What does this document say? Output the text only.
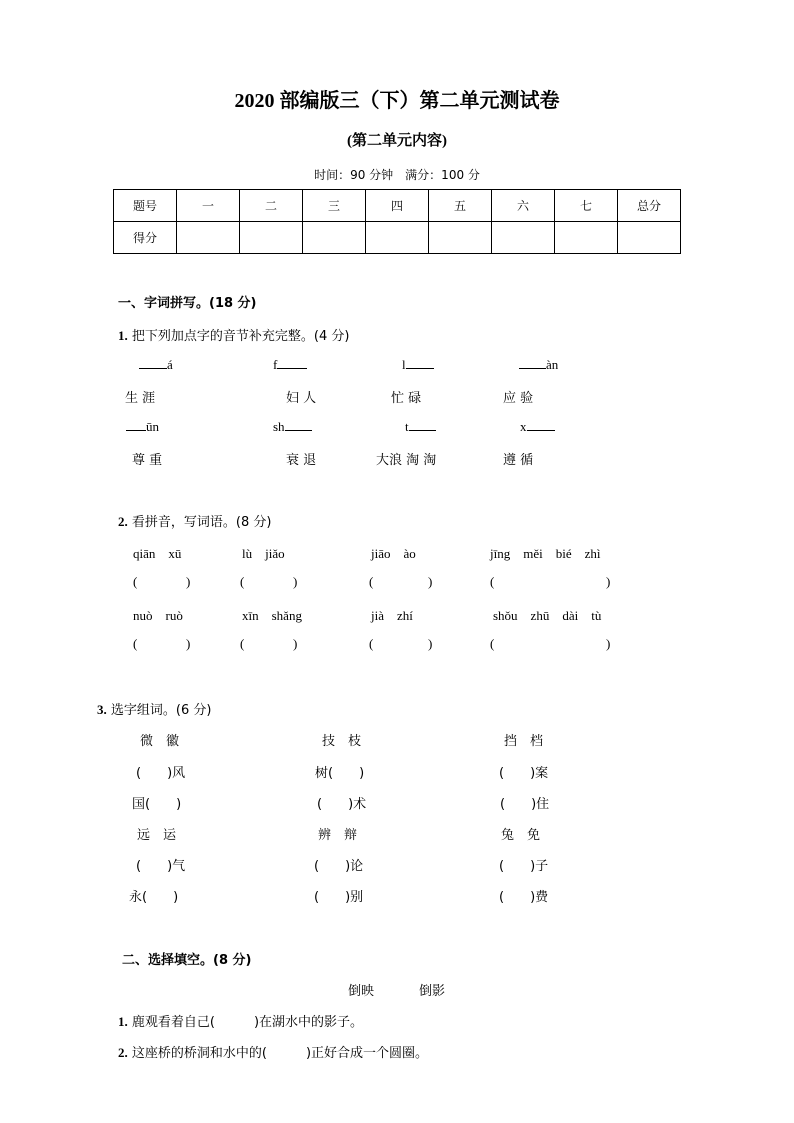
2020 部编版三（下）第二单元测试卷
(第二单元内容)
时间：90 分钟　满分：100 分
题号	一	二	三	四	五	六	七	总分
得分								
一、字词拼写。(18 分)
1. 把下列加点字的音节补充完整。(4 分)
á	f	l	àn
生 涯	妇 人	忙 碌	应 验
ūn	sh	t	x
尊 重	衰 退	大浪 淘 淘	遵 循
2. 看拼音，写词语。(8 分)
qiān　xū	lù　jiǎo	jiāo　ào	jīng　měi　bié　zhì
(	)	(	)	(	)	(	)
nuò　ruò	xīn　shǎng	jià　zhí	shǒu　zhū　dài　tù
(	)	(	)	(	)	(	)
3. 选字组词。(6 分)
微　徽	技　枝	挡　档
(　　)风	树(　　)	(　　)案
国(　　)	(　　)术	(　　)住
远　运	辨　辩	兔　免
(　　)气	(　　)论	(　　)子
永(　　)	(　　)别	(　　)费
二、选择填空。(8 分)
倒映	倒影
1. 鹿观看着自己(　　　)在湖水中的影子。
2. 这座桥的桥洞和水中的(　　　)正好合成一个圆圈。
